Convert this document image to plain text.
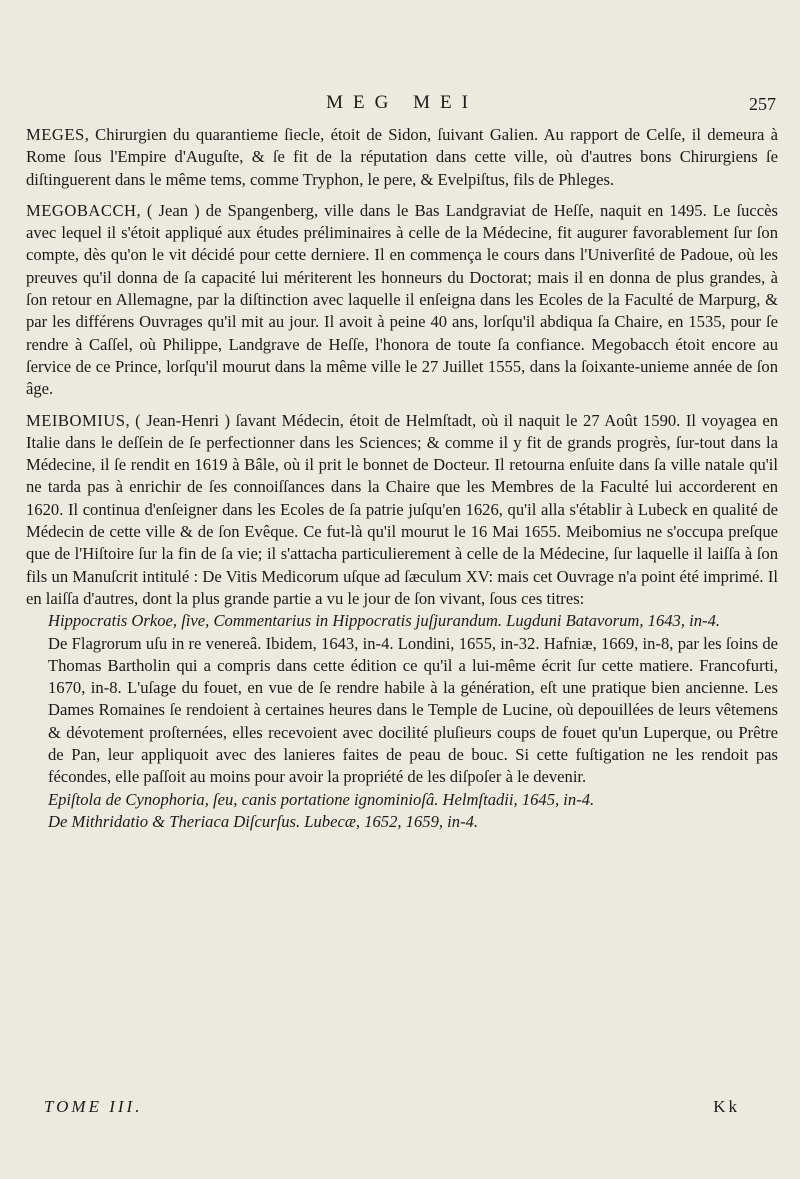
MEG MEI	257

MEGES, Chirurgien du quarantieme ſiecle, étoit de Sidon, ſuivant Galien. Au rapport de Celſe, il demeura à Rome ſous l'Empire d'Auguſte, & ſe fit de la réputation dans cette ville, où d'autres bons Chirurgiens ſe diſtinguerent dans le même tems, comme Tryphon, le pere, & Evelpiſtus, fils de Phleges.

MEGOBACCH, ( Jean ) de Spangenberg, ville dans le Bas Landgraviat de Heſſe, naquit en 1495. Le ſuccès avec lequel il s'étoit appliqué aux études préliminaires à celle de la Médecine, fit augurer favorablement ſur ſon compte, dès qu'on le vit décidé pour cette derniere. Il en commença le cours dans l'Univerſité de Padoue, où les preuves qu'il donna de ſa capacité lui mériterent les honneurs du Doctorat; mais il en donna de plus grandes, à ſon retour en Allemagne, par la diſtinction avec laquelle il enſeigna dans les Ecoles de la Faculté de Marpurg, & par les différens Ouvrages qu'il mit au jour. Il avoit à peine 40 ans, lorſqu'il abdiqua ſa Chaire, en 1535, pour ſe rendre à Caſſel, où Philippe, Landgrave de Heſſe, l'honora de toute ſa confiance. Megobacch étoit encore au ſervice de ce Prince, lorſqu'il mourut dans la même ville le 27 Juillet 1555, dans la ſoixante-unieme année de ſon âge.

MEIBOMIUS, ( Jean-Henri ) ſavant Médecin, étoit de Helmſtadt, où il naquit le 27 Août 1590. Il voyagea en Italie dans le deſſein de ſe perfectionner dans les Sciences; & comme il y fit de grands progrès, ſur-tout dans la Médecine, il ſe rendit en 1619 à Bâle, où il prit le bonnet de Docteur. Il retourna enſuite dans ſa ville natale qu'il ne tarda pas à enrichir de ſes connoiſſances dans la Chaire que les Membres de la Faculté lui accorderent en 1620. Il continua d'enſeigner dans les Ecoles de ſa patrie juſqu'en 1626, qu'il alla s'établir à Lubeck en qualité de Médecin de cette ville & de ſon Evêque. Ce fut-là qu'il mourut le 16 Mai 1655. Meibomius ne s'occupa preſque que de l'Hiſtoire ſur la fin de ſa vie; il s'attacha particulierement à celle de la Médecine, ſur laquelle il laiſſa à ſon fils un Manuſcrit intitulé : De Vitis Medicorum uſque ad ſæculum XV: mais cet Ouvrage n'a point été imprimé. Il en laiſſa d'autres, dont la plus grande partie a vu le jour de ſon vivant, ſous ces titres:

Hippocratis Orkoe, ſive, Commentarius in Hippocratis juſjurandum. Lugduni Batavorum, 1643, in-4.

De Flagrorum uſu in re venereâ. Ibidem, 1643, in-4. Londini, 1655, in-32. Hafniæ, 1669, in-8, par les ſoins de Thomas Bartholin qui a compris dans cette édition ce qu'il a lui-même écrit ſur cette matiere. Francofurti, 1670, in-8. L'uſage du fouet, en vue de ſe rendre habile à la génération, eſt une pratique bien ancienne. Les Dames Romaines ſe rendoient à certaines heures dans le Temple de Lucine, où depouillées de leurs vêtemens & dévotement proſternées, elles recevoient avec docilité pluſieurs coups de fouet qu'un Luperque, ou Prêtre de Pan, leur appliquoit avec des lanieres faites de peau de bouc. Si cette fuſtigation ne les rendoit pas fécondes, elle paſſoit au moins pour avoir la propriété de les diſpoſer à le devenir.

Epiſtola de Cynophoria, ſeu, canis portatione ignominioſâ. Helmſtadii, 1645, in-4.

De Mithridatio & Theriaca Diſcurſus. Lubecæ, 1652, 1659, in-4.

TOME III.	Kk
